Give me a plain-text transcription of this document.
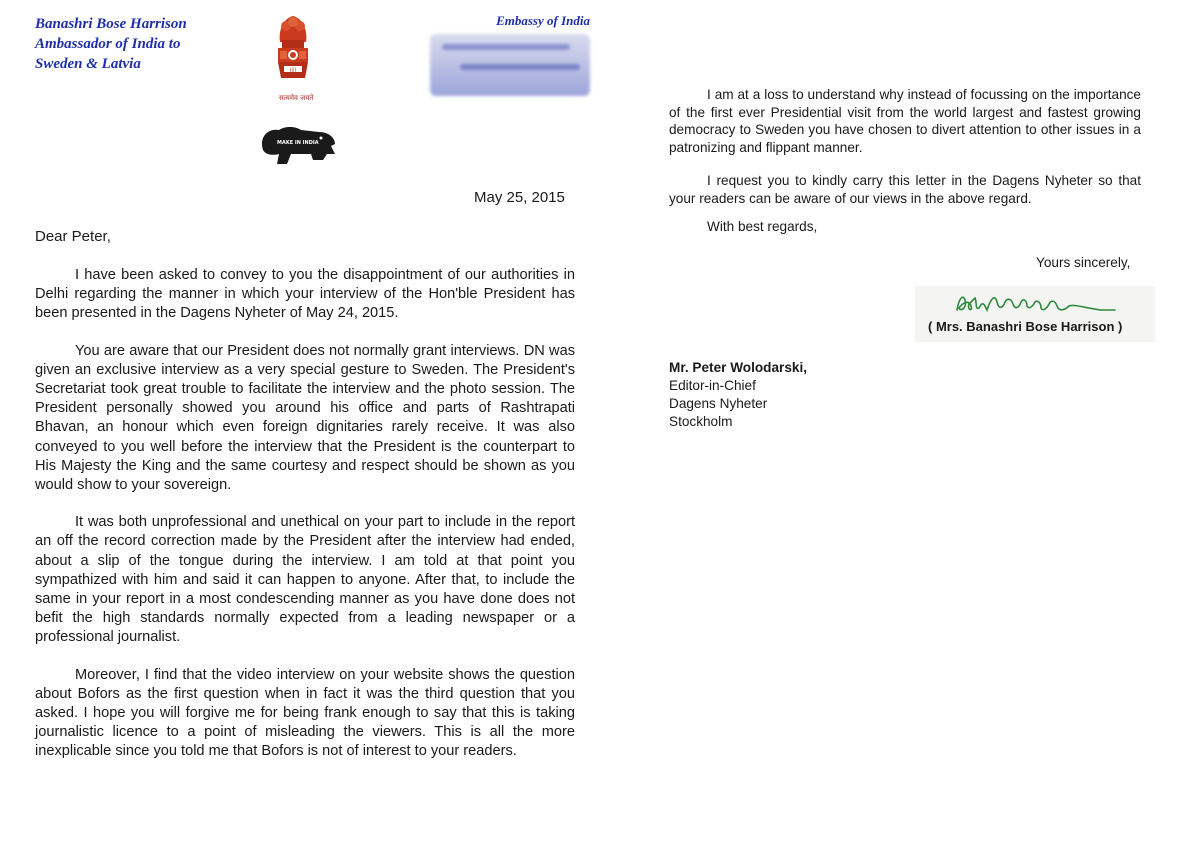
Banashri Bose Harrison
Ambassador of India to
Sweden & Latvia	||||
सत्यमेव जयते
MAKE IN INDIA
Embassy of India
May 25, 2015
Dear Peter,

I have been asked to convey to you the disappointment of our authorities in Delhi regarding the manner in which your interview of the Hon'ble President has been presented in the Dagens Nyheter of May 24, 2015.

You are aware that our President does not normally grant interviews. DN was given an exclusive interview as a very special gesture to Sweden. The President's Secretariat took great trouble to facilitate the interview and the photo session. The President personally showed you around his office and parts of Rashtrapati Bhavan, an honour which even foreign dignitaries rarely receive. It was also conveyed to you well before the interview that the President is the counterpart to His Majesty the King and the same courtesy and respect should be shown as you would show to your sovereign.

It was both unprofessional and unethical on your part to include in the report an off the record correction made by the President after the interview had ended, about a slip of the tongue during the interview. I am told at that point you sympathized with him and said it can happen to anyone. After that, to include the same in your report in a most condescending manner as you have done does not befit the high standards normally expected from a leading newspaper or a professional journalist.

Moreover, I find that the video interview on your website shows the question about Bofors as the first question when in fact it was the third question that you asked. I hope you will forgive me for being frank enough to say that this is taking journalistic licence to a point of misleading the viewers. This is all the more inexplicable since you told me that Bofors is not of interest to your readers.

I am at a loss to understand why instead of focussing on the importance of the first ever Presidential visit from the world largest and fastest growing democracy to Sweden you have chosen to divert attention to other issues in a patronizing and flippant manner.

I request you to kindly carry this letter in the Dagens Nyheter so that your readers can be aware of our views in the above regard.

With best regards,
Yours sincerely,
( Mrs. Banashri Bose Harrison )
Mr. Peter Wolodarski,
Editor-in-Chief
Dagens Nyheter
Stockholm
